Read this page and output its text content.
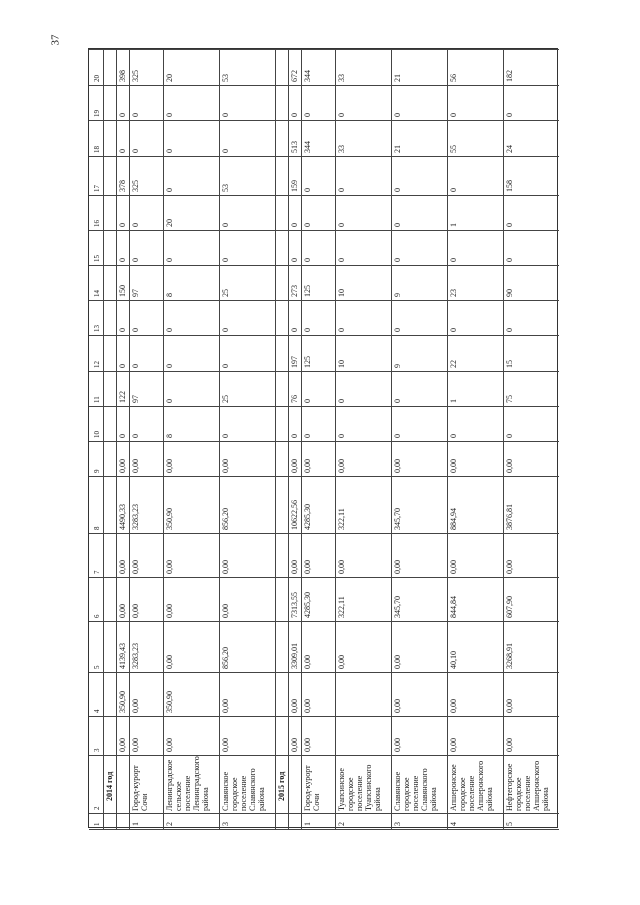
37
1
2
3
4
5
6
7
8
9
10
11
12
13
14
15
16
17
18
19
20
2014 год
0,00
350,90
4139,43
0,00
0,00
4490,33
0,00
0
122
0
0
150
0
0
378
0
0
398
1
Город-курорт Сочи
0,00
0,00
3283,23
0,00
0,00
3283,23
0,00
0
97
0
0
97
0
0
325
0
0
325
2
Ленинградское сельское поселение Ленинградского района
0,00
350,90
0,00
0,00
0,00
350,90
0,00
8
0
0
0
8
0
20
0
0
0
20
3
Славянское городское поселение Славянского района
0,00
0,00
856,20
0,00
0,00
856,20
0,00
0
25
0
0
25
0
0
53
0
0
53
2015 год
0,00
0,00
3309,01
7313,55
0,00
10622,56
0,00
0
76
197
0
273
0
0
159
513
0
672
1
Город-курорт Сочи
0,00
0,00
0,00
4285,30
0,00
4285,30
0,00
0
0
125
0
125
0
0
0
344
0
344
2
Туапсинское городское поселение Туапсинского района
0,00
322,11
0,00
322,11
0,00
0
0
10
0
10
0
0
0
33
0
33
3
Славянское городское поселение Славянского района
0,00
0,00
0,00
345,70
0,00
345,70
0,00
0
0
9
0
9
0
0
0
21
0
21
4
Апшеронское городское поселение Апшеронского района
0,00
0,00
40,10
844,84
0,00
884,94
0,00
0
1
22
0
23
0
1
0
55
0
56
5
Нефтегорское городское поселение Апшеронского района
0,00
0,00
3268,91
607,90
0,00
3876,81
0,00
0
75
15
0
90
0
0
158
24
0
182
